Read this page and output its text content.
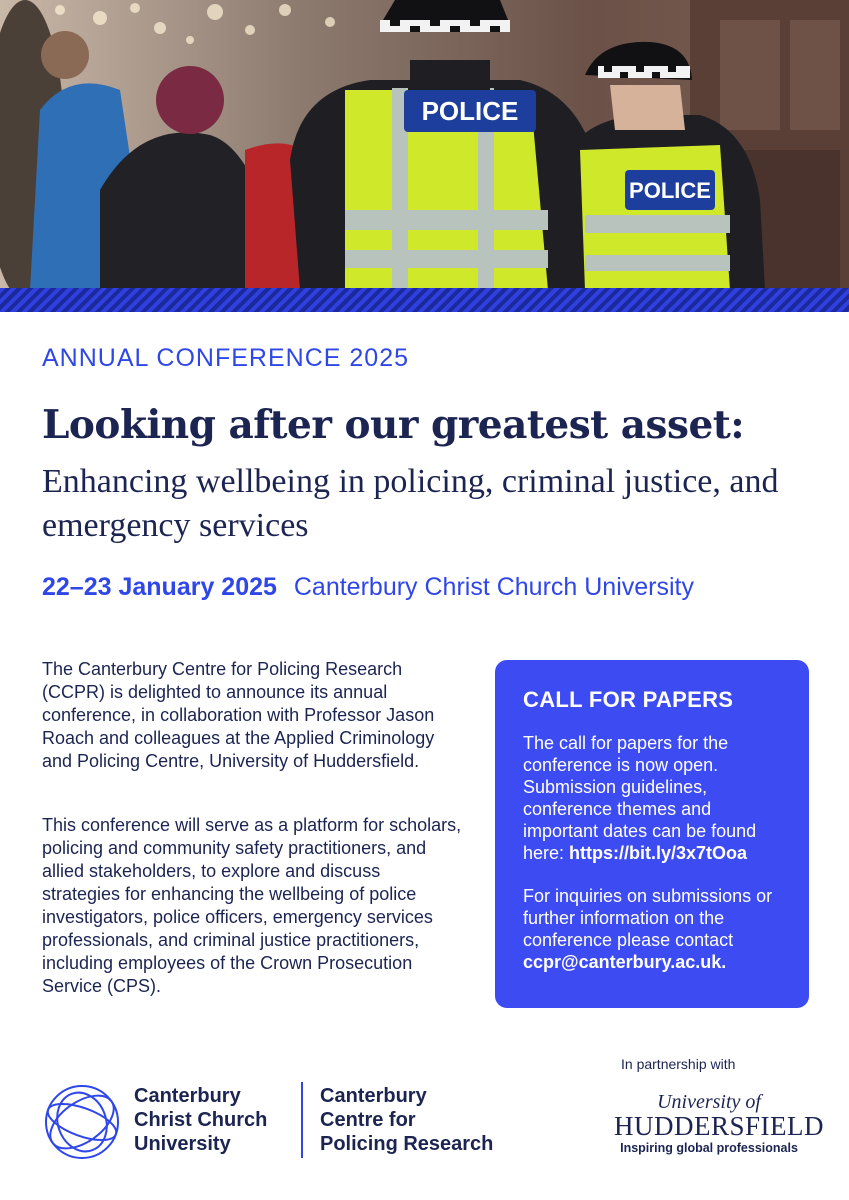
POLICE
POLICE
ANNUAL CONFERENCE 2025
Looking after our greatest asset:
Enhancing wellbeing in policing, criminal justice, and emergency services
22–23 January 2025 Canterbury Christ Church University
The Canterbury Centre for Policing Research (CCPR) is delighted to announce its annual conference, in collaboration with Professor Jason Roach and colleagues at the Applied Criminology and Policing Centre, University of Huddersfield.
This conference will serve as a platform for scholars, policing and community safety practitioners, and allied stakeholders, to explore and discuss strategies for enhancing the wellbeing of police investigators, police officers, emergency services professionals, and criminal justice practitioners, including employees of the Crown Prosecution Service (CPS).
CALL FOR PAPERS

The call for papers for the conference is now open. Submission guidelines, conference themes and important dates can be found here: https://bit.ly/3x7tOoa

For inquiries on submissions or further information on the conference please contact ccpr@canterbury.ac.uk.

Canterbury
Christ Church
University
Canterbury
Centre for
Policing Research
In partnership with
University of
HUDDERSFIELD
Inspiring global professionals
